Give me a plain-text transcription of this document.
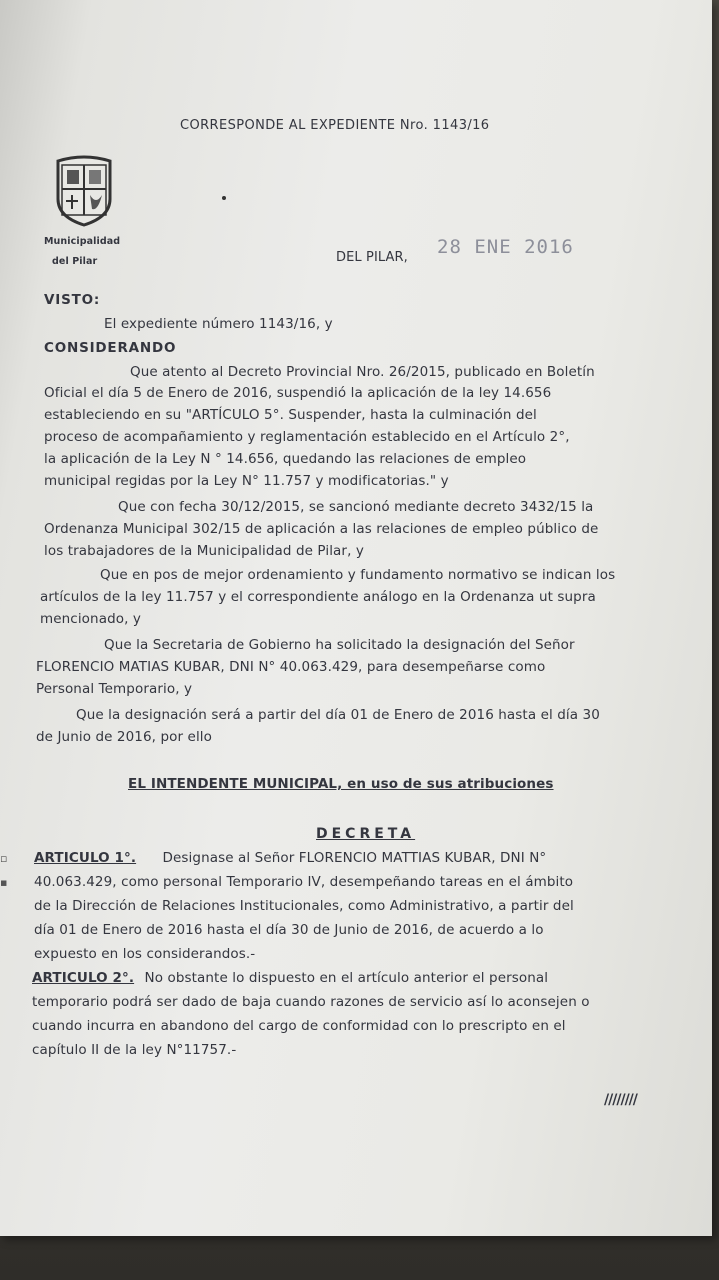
CORRESPONDE AL EXPEDIENTE Nro. 1143/16
Municipalidad
del Pilar	DEL PILAR, 28 ENE 2016
VISTO:
El expediente número 1143/16, y
CONSIDERANDO
Que atento al Decreto Provincial Nro. 26/2015, publicado en Boletín
Oficial el día 5 de Enero de 2016, suspendió la aplicación de la ley 14.656
estableciendo en su "ARTÍCULO 5°. Suspender, hasta la culminación del
proceso de acompañamiento y reglamentación establecido en el Artículo 2°,
la aplicación de la Ley N ° 14.656, quedando las relaciones de empleo
municipal regidas por la Ley N° 11.757 y modificatorias." y
Que con fecha 30/12/2015, se sancionó mediante decreto 3432/15 la
Ordenanza Municipal 302/15 de aplicación a las relaciones de empleo público de
los trabajadores de la Municipalidad de Pilar, y
Que en pos de mejor ordenamiento y fundamento normativo se indican los
artículos de la ley 11.757 y el correspondiente análogo en la Ordenanza ut supra
mencionado, y
Que la Secretaria de Gobierno ha solicitado la designación del Señor
FLORENCIO MATIAS KUBAR, DNI N° 40.063.429, para desempeñarse como
Personal Temporario, y
Que la designación será a partir del día 01 de Enero de 2016 hasta el día 30
de Junio de 2016, por ello
EL INTENDENTE MUNICIPAL, en uso de sus atribuciones
DECRETA
▫
▪
ARTICULO 1°. Designase al Señor FLORENCIO MATTIAS KUBAR, DNI N°
40.063.429, como personal Temporario IV, desempeñando tareas en el ámbito
de la Dirección de Relaciones Institucionales, como Administrativo, a partir del
día 01 de Enero de 2016 hasta el día 30 de Junio de 2016, de acuerdo a lo
expuesto en los considerandos.-
ARTICULO 2°. No obstante lo dispuesto en el artículo anterior el personal
temporario podrá ser dado de baja cuando razones de servicio así lo aconsejen o
cuando incurra en abandono del cargo de conformidad con lo prescripto en el
capítulo II de la ley N°11757.-
////////
